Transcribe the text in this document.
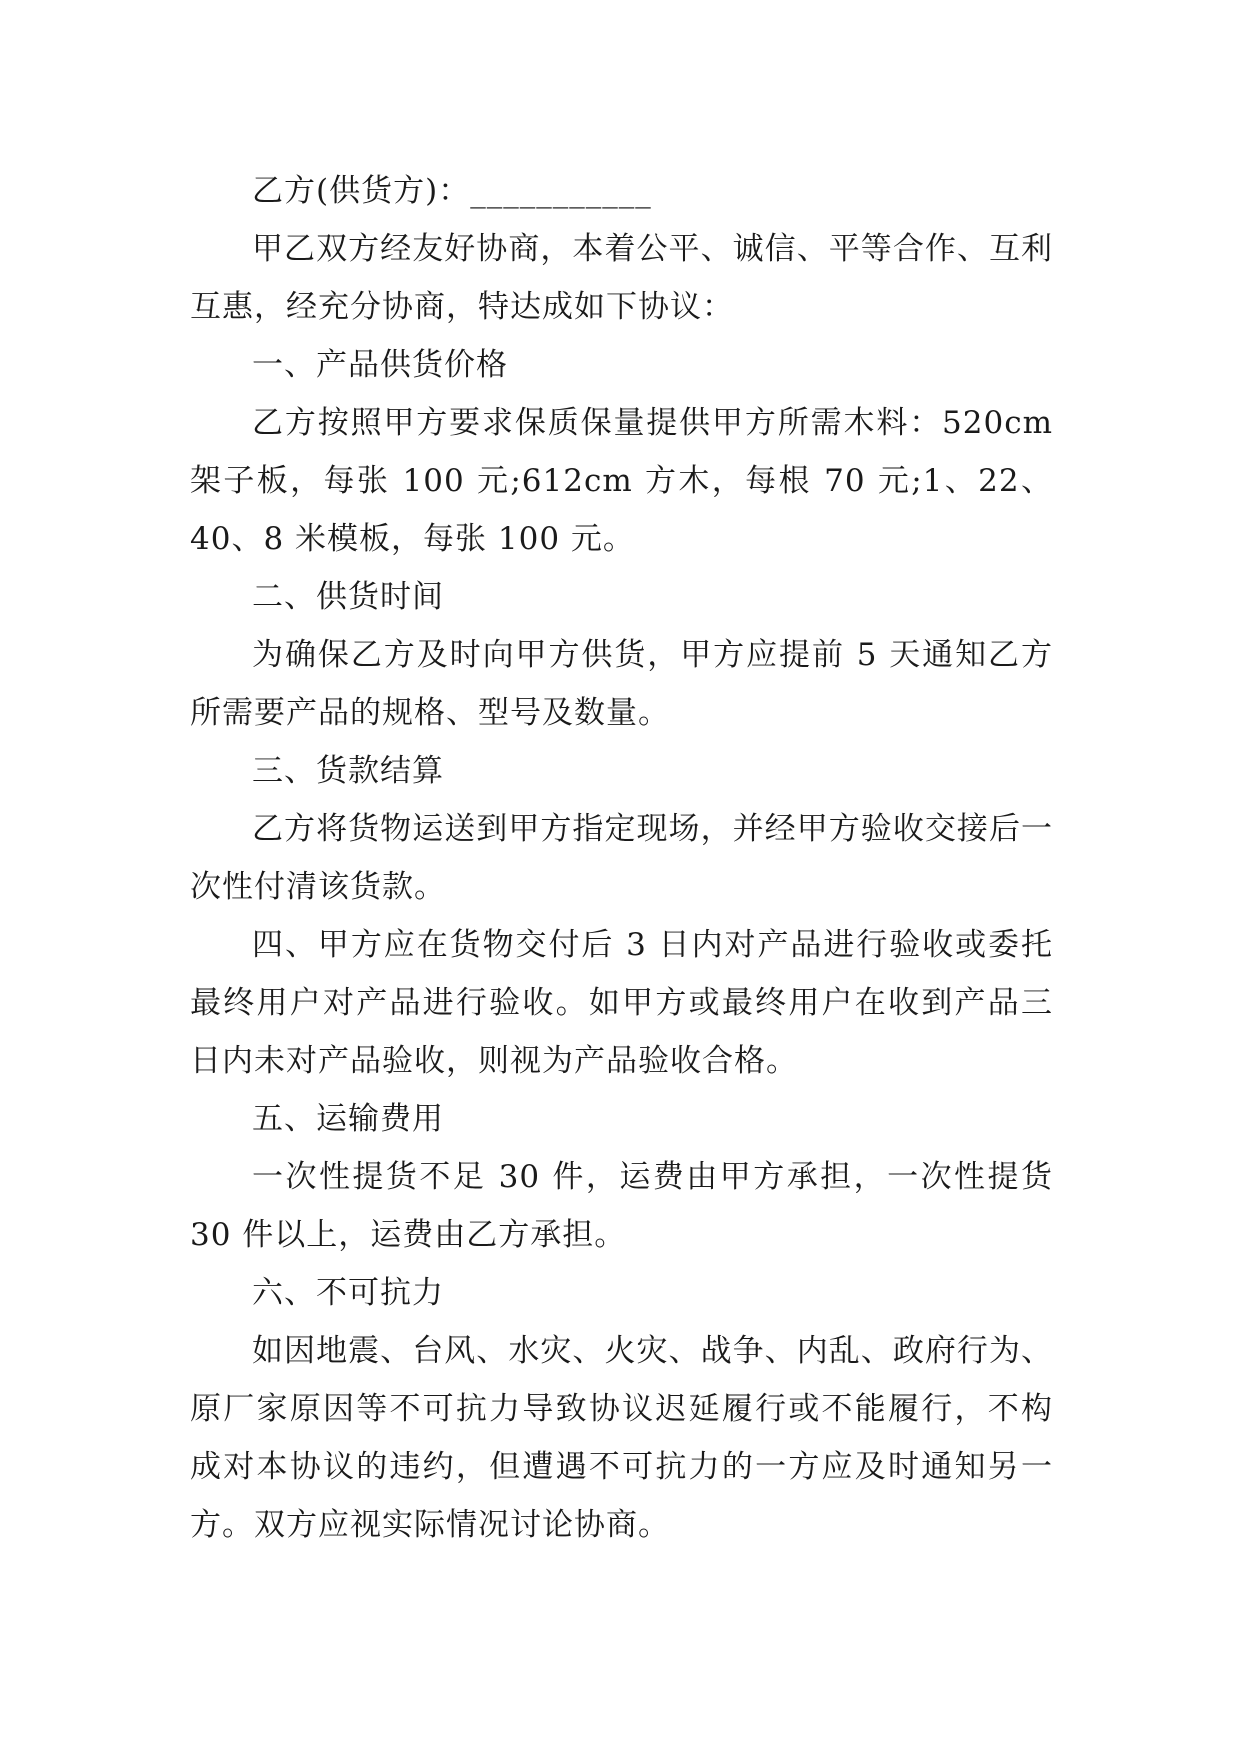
乙方(供货方)：___________

甲乙双方经友好协商，本着公平、诚信、平等合作、互利互惠，经充分协商，特达成如下协议：

一、产品供货价格

乙方按照甲方要求保质保量提供甲方所需木料：520cm 架子板，每张 100 元;612cm 方木，每根 70 元;1、22、40、8 米模板，每张 100 元。

二、供货时间

为确保乙方及时向甲方供货，甲方应提前 5 天通知乙方所需要产品的规格、型号及数量。

三、货款结算

乙方将货物运送到甲方指定现场，并经甲方验收交接后一次性付清该货款。

四、甲方应在货物交付后 3 日内对产品进行验收或委托最终用户对产品进行验收。如甲方或最终用户在收到产品三日内未对产品验收，则视为产品验收合格。

五、运输费用

一次性提货不足 30 件，运费由甲方承担，一次性提货 30 件以上，运费由乙方承担。

六、不可抗力

如因地震、台风、水灾、火灾、战争、内乱、政府行为、原厂家原因等不可抗力导致协议迟延履行或不能履行，不构成对本协议的违约，但遭遇不可抗力的一方应及时通知另一方。双方应视实际情况讨论协商。
